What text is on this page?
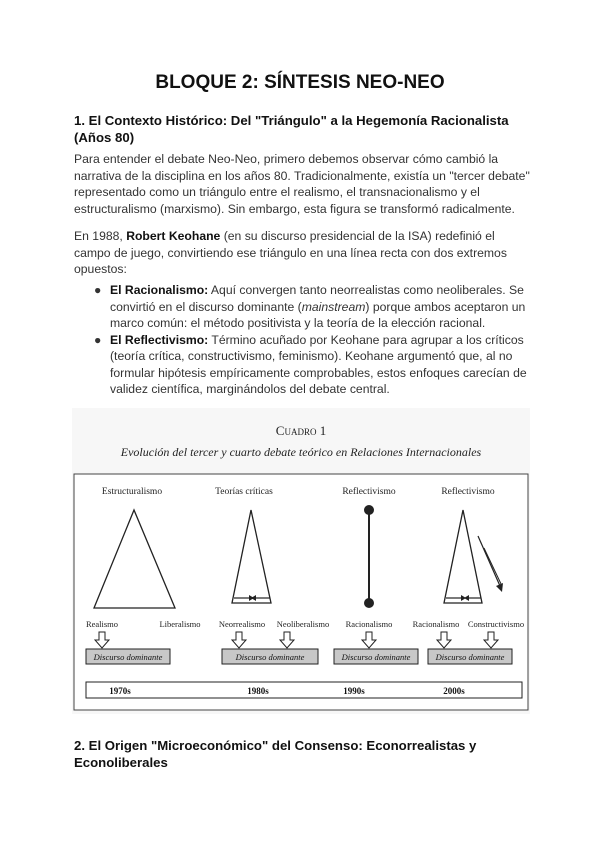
BLOQUE 2: SÍNTESIS NEO-NEO
1. El Contexto Histórico: Del "Triángulo" a la Hegemonía Racionalista (Años 80)
Para entender el debate Neo-Neo, primero debemos observar cómo cambió la narrativa de la disciplina en los años 80. Tradicionalmente, existía un "tercer debate" representado como un triángulo entre el realismo, el transnacionalismo y el estructuralismo (marxismo). Sin embargo, esta figura se transformó radicalmente.
En 1988, Robert Keohane (en su discurso presidencial de la ISA) redefinió el campo de juego, convirtiendo ese triángulo en una línea recta con dos extremos opuestos:
● El Racionalismo: Aquí convergen tanto neorrealistas como neoliberales. Se convirtió en el discurso dominante (mainstream) porque ambos aceptaron un marco común: el método positivista y la teoría de la elección racional.
● El Reflectivismo: Término acuñado por Keohane para agrupar a los críticos (teoría crítica, constructivismo, feminismo). Keohane argumentó que, al no formular hipótesis empíricamente comprobables, estos enfoques carecían de validez científica, marginándolos del debate central.
Cuadro 1
Evolución del tercer y cuarto debate teórico en Relaciones Internacionales
Estructuralismo
Realismo	Liberalismo
Discurso dominante
Teorías críticas
Neorrealismo Neoliberalismo
Discurso dominante
Reflectivismo
Racionalismo
Discurso dominante
Reflectivismo
Racionalismo Constructivismo
Discurso dominante
1970s	1980s	1990s	2000s
2. El Origen "Microeconómico" del Consenso: Econorrealistas y Econoliberales
